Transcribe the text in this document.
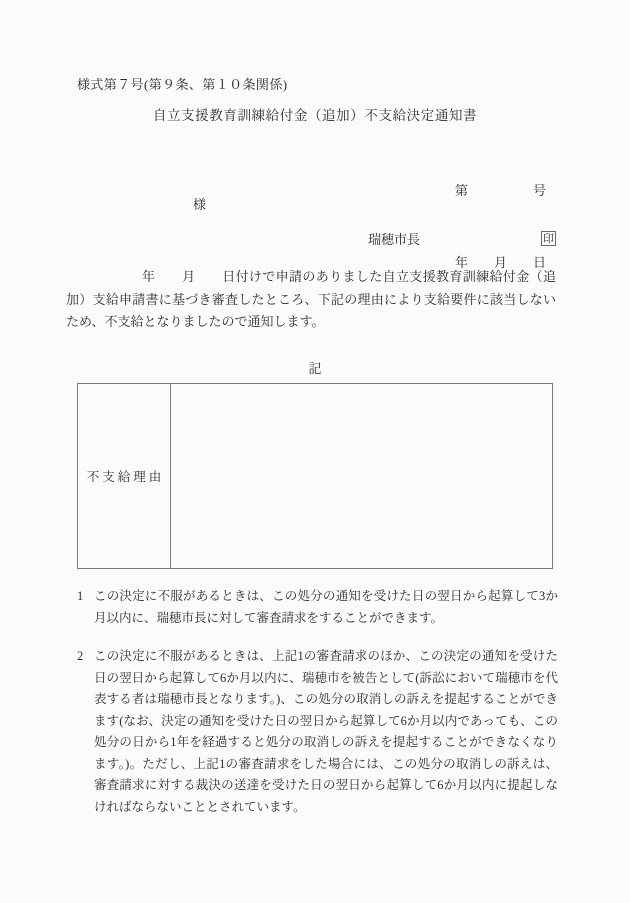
様式第７号(第９条、第１０条関係)
自立支援教育訓練給付金（追加）不支給決定通知書

第　　　　　号

年　　月　　日

様
瑞穂市長	印
年　　月　　日付けで申請のありました自立支援教育訓練給付金（追加）支給申請書に基づき審査したところ、下記の理由により支給要件に該当しないため、不支給となりましたので通知します。
記
不支給理由
1 この決定に不服があるときは、この処分の通知を受けた日の翌日から起算して3か月以内に、瑞穂市長に対して審査請求をすることができます。
2 この決定に不服があるときは、上記1の審査請求のほか、この決定の通知を受けた日の翌日から起算して6か月以内に、瑞穂市を被告として(訴訟において瑞穂市を代表する者は瑞穂市長となります。)、この処分の取消しの訴えを提起することができます(なお、決定の通知を受けた日の翌日から起算して6か月以内であっても、この処分の日から1年を経過すると処分の取消しの訴えを提起することができなくなります。)。ただし、上記1の審査請求をした場合には、この処分の取消しの訴えは、審査請求に対する裁決の送達を受けた日の翌日から起算して6か月以内に提起しなければならないこととされています。
